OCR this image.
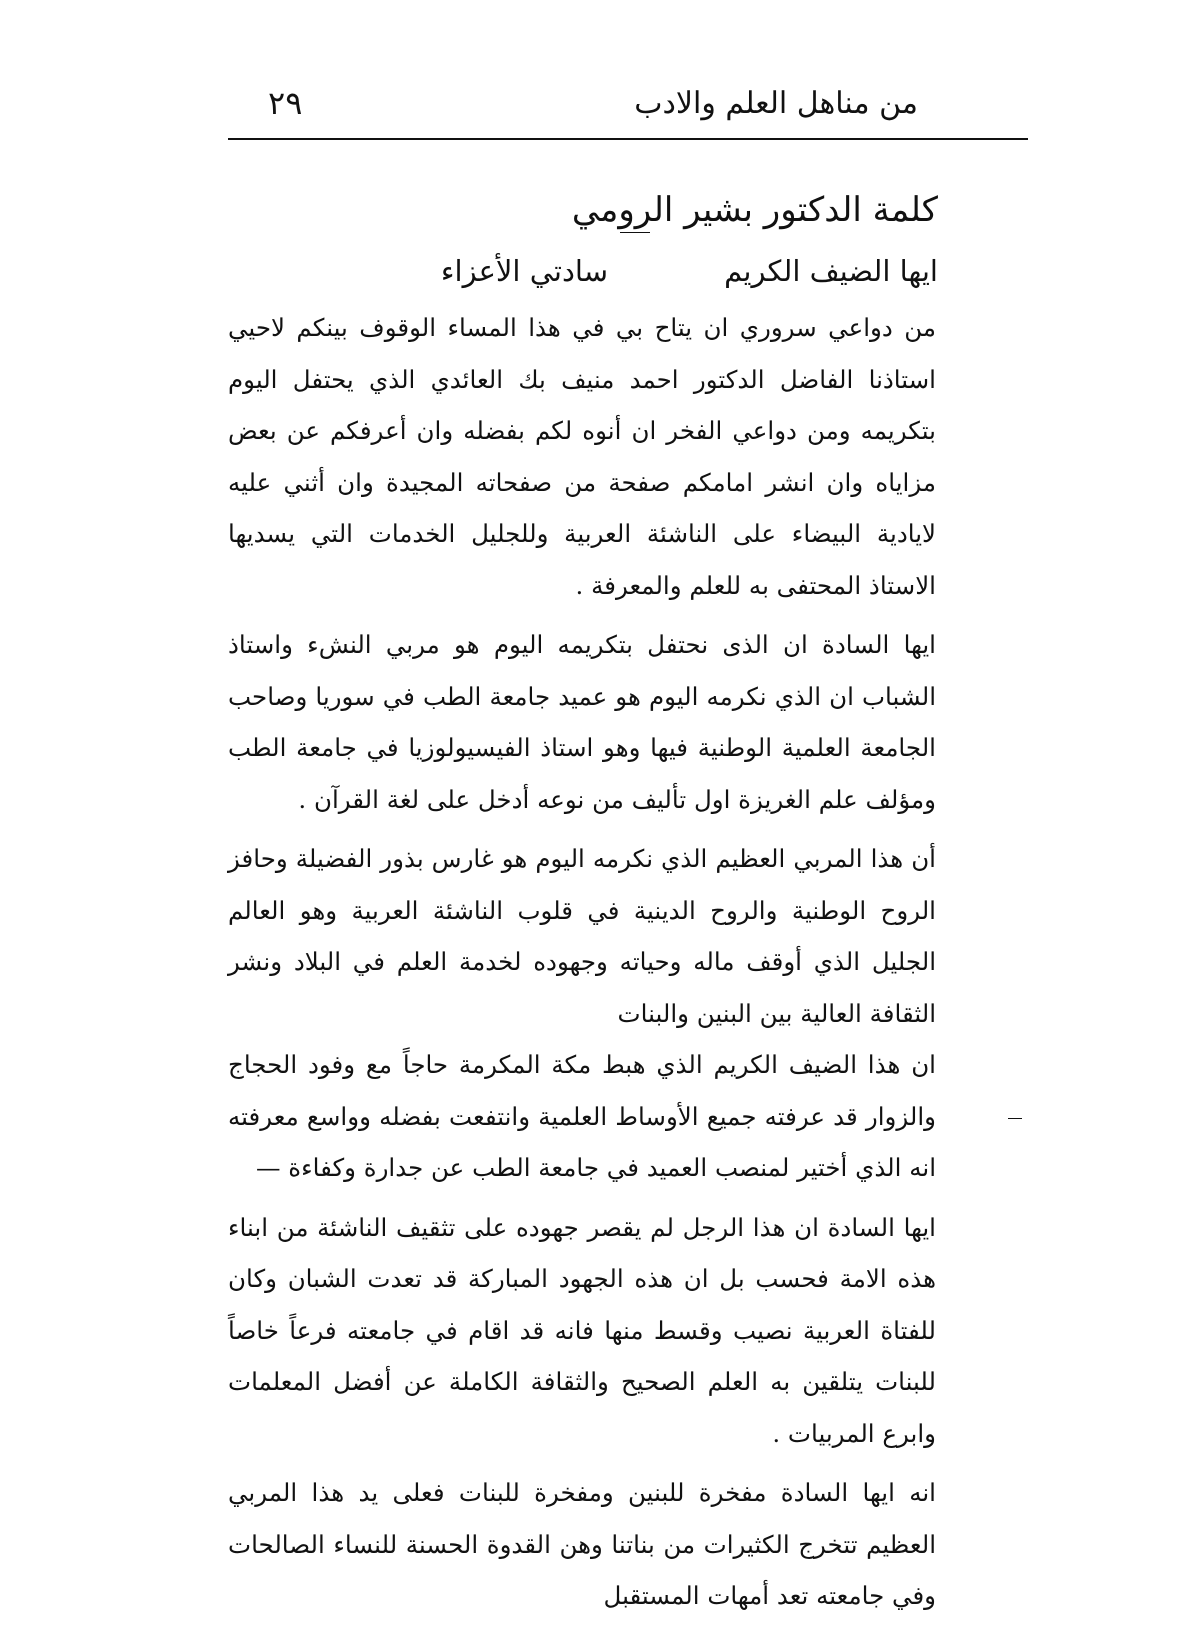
من مناهل العلم والادب
٢٩
كلمة الدكتور بشير الرومي
ايها الضيف الكريم
سادتي الأعزاء

من دواعي سروري ان يتاح بي في هذا المساء الوقوف بينكم لاحيي استاذنا الفاضل الدكتور احمد منيف بك العائدي الذي يحتفل اليوم بتكريمه ومن دواعي الفخر ان أنوه لكم بفضله وان أعرفكم عن بعض مزاياه وان انشر امامكم صفحة من صفحاته المجيدة وان أثني عليه لايادية البيضاء على الناشئة العربية وللجليل الخدمات التي يسديها الاستاذ المحتفى به للعلم والمعرفة .

ايها السادة ان الذى نحتفل بتكريمه اليوم هو مربي النشء واستاذ الشباب ان الذي نكرمه اليوم هو عميد جامعة الطب في سوريا وصاحب الجامعة العلمية الوطنية فيها وهو استاذ الفيسيولوزيا في جامعة الطب ومؤلف علم الغريزة اول تأليف من نوعه أدخل على لغة القرآن .

أن هذا المربي العظيم الذي نكرمه اليوم هو غارس بذور الفضيلة وحافز الروح الوطنية والروح الدينية في قلوب الناشئة العربية وهو العالم الجليل الذي أوقف ماله وحياته وجهوده لخدمة العلم في البلاد ونشر الثقافة العالية بين البنين والبنات

ان هذا الضيف الكريم الذي هبط مكة المكرمة حاجاً مع وفود الحجاج والزوار قد عرفته جميع الأوساط العلمية وانتفعت بفضله وواسع معرفته انه الذي أختير لمنصب العميد في جامعة الطب عن جدارة وكفاءة —

ايها السادة ان هذا الرجل لم يقصر جهوده على تثقيف الناشئة من ابناء هذه الامة فحسب بل ان هذه الجهود المباركة قد تعدت الشبان وكان للفتاة العربية نصيب وقسط منها فانه قد اقام في جامعته فرعاً خاصاً للبنات يتلقين به العلم الصحيح والثقافة الكاملة عن أفضل المعلمات وابرع المربيات .

انه ايها السادة مفخرة للبنين ومفخرة للبنات فعلى يد هذا المربي العظيم تتخرج الكثيرات من بناتنا وهن القدوة الحسنة للنساء الصالحات وفي جامعته تعد أمهات المستقبل
